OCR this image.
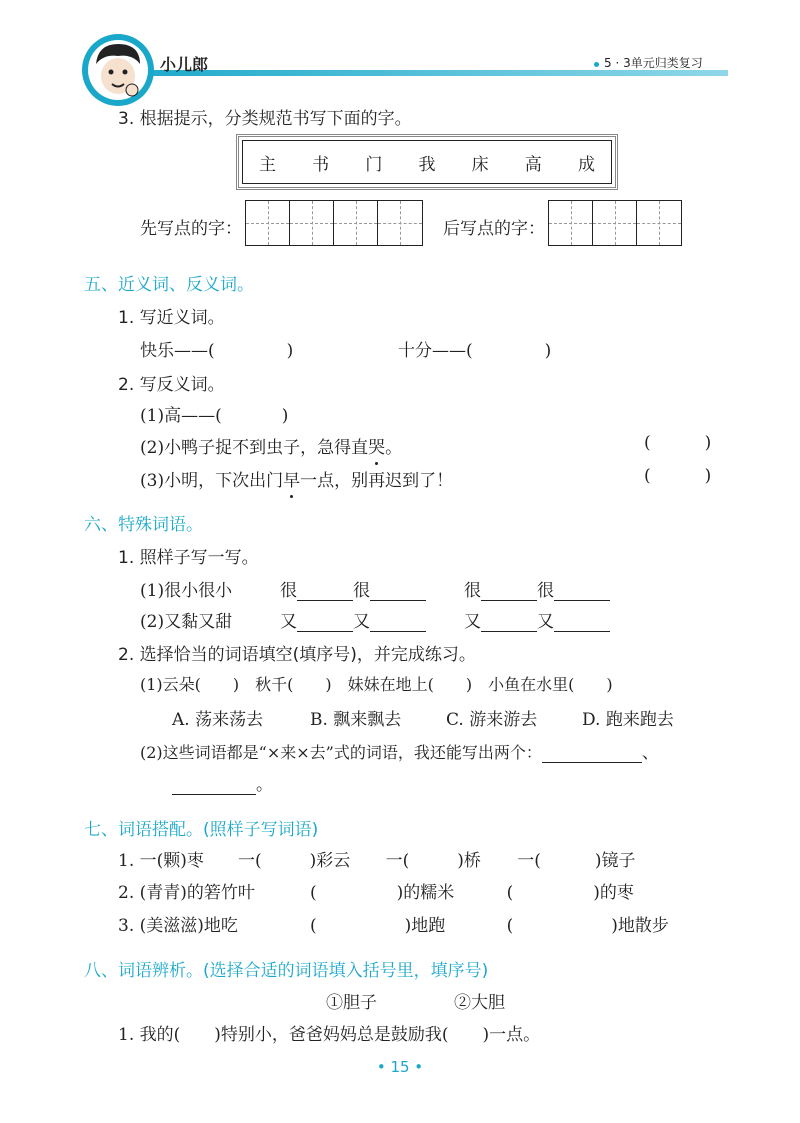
小儿郎	5 · 3单元归类复习
3. 根据提示，分类规范书写下面的字。
主 书 门 我 床 高 成
先写点的字：	后写点的字：
五、近义词、反义词。
1. 写近义词。
快乐——(	)	十分——(	)
2. 写反义词。
(1)高——(	)
(2)小鸭子捉不到虫子，急得直哭。	(	)
(3)小明，下次出门早一点，别再迟到了！	(	)
六、特殊词语。
1. 照样子写一写。
(1)很小很小	很	很	很	很
(2)又黏又甜	又	又	又	又
2. 选择恰当的词语填空(填序号)，并完成练习。
(1)云朵(　　)　秋千(　　)　妹妹在地上(　　)　小鱼在水里(　　)
A. 荡来荡去	B. 飘来飘去	C. 游来游去	D. 跑来跑去
(2)这些词语都是“×来×去”式的词语，我还能写出两个：	、
。
七、词语搭配。(照样子写词语)
1. 一(颗)枣 一(	)彩云 一(	)桥 一(	)镜子
2. (青青)的箬竹叶	(	)的糯米	(	)的枣
3. (美滋滋)地吃	(	)地跑	(	)地散步
八、词语辨析。(选择合适的词语填入括号里，填序号)
①胆子	②大胆
1. 我的(　　)特别小，爸爸妈妈总是鼓励我(　　)一点。
• 15 •
